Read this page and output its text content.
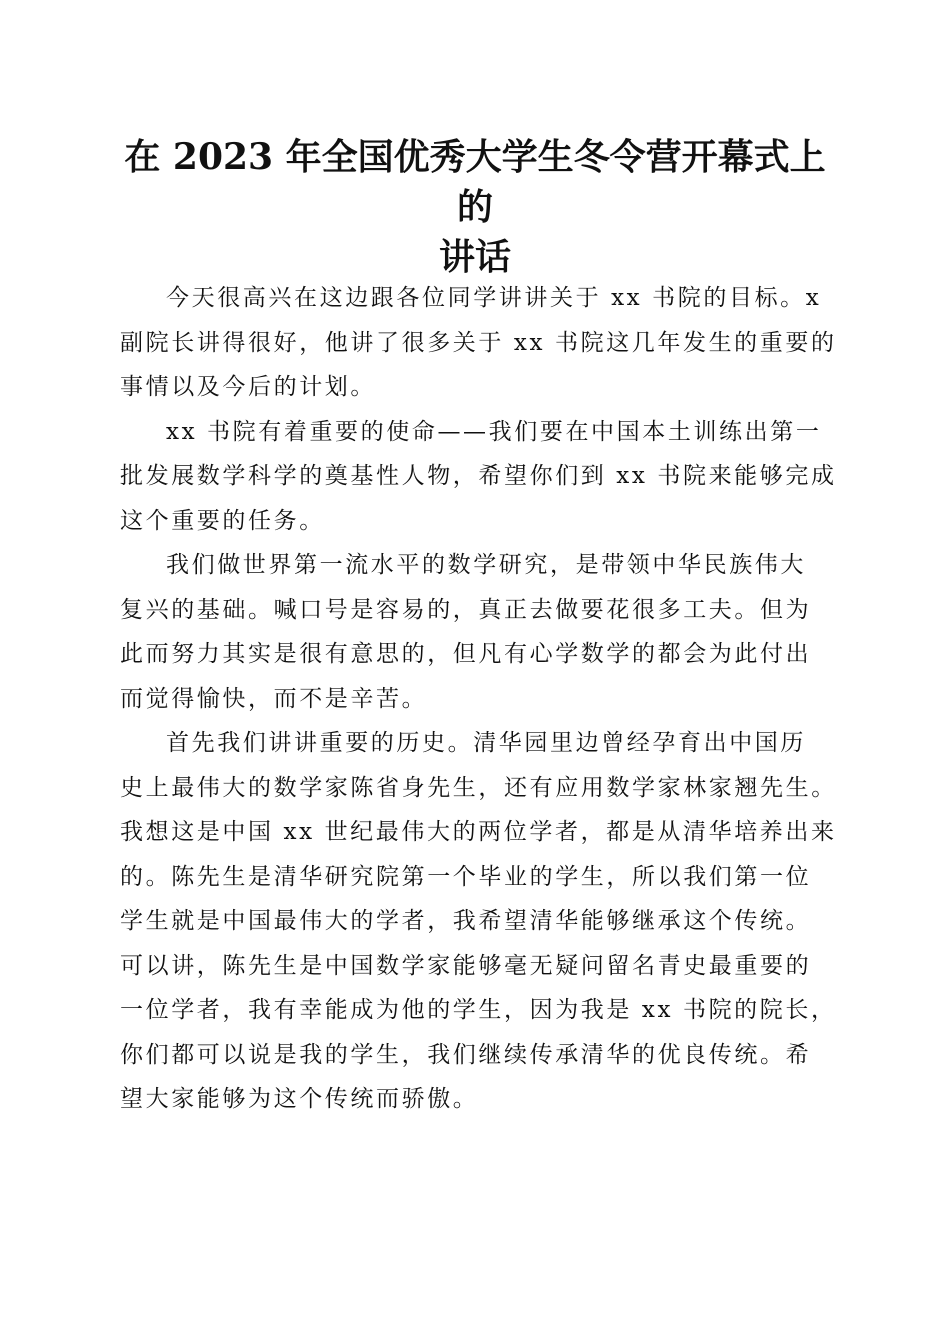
在 2023 年全国优秀大学生冬令营开幕式上的
讲话

今天很高兴在这边跟各位同学讲讲关于 xx 书院的目标。x
副院长讲得很好，他讲了很多关于 xx 书院这几年发生的重要的
事情以及今后的计划。

xx 书院有着重要的使命——我们要在中国本土训练出第一
批发展数学科学的奠基性人物，希望你们到 xx 书院来能够完成
这个重要的任务。

我们做世界第一流水平的数学研究，是带领中华民族伟大
复兴的基础。喊口号是容易的，真正去做要花很多工夫。但为
此而努力其实是很有意思的，但凡有心学数学的都会为此付出
而觉得愉快，而不是辛苦。

首先我们讲讲重要的历史。清华园里边曾经孕育出中国历
史上最伟大的数学家陈省身先生，还有应用数学家林家翘先生。
我想这是中国 xx 世纪最伟大的两位学者，都是从清华培养出来
的。陈先生是清华研究院第一个毕业的学生，所以我们第一位
学生就是中国最伟大的学者，我希望清华能够继承这个传统。
可以讲，陈先生是中国数学家能够毫无疑问留名青史最重要的
一位学者，我有幸能成为他的学生，因为我是 xx 书院的院长，
你们都可以说是我的学生，我们继续传承清华的优良传统。希
望大家能够为这个传统而骄傲。
